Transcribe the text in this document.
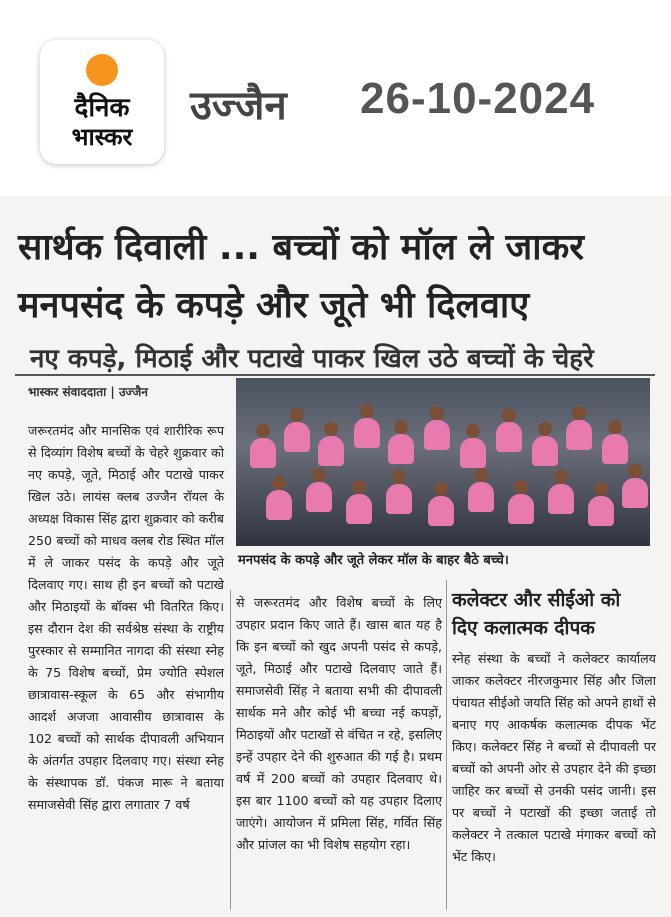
दैनिक
भास्कर
उज्जैन 26-10-2024
सार्थक दिवाली ... बच्चों को मॉल ले जाकर
मनपसंद के कपड़े और जूते भी दिलवाए
नए कपड़े, मिठाई और पटाखे पाकर खिल उठे बच्चों के चेहरे
भास्कर संवाददाता | उज्जैन
मनपसंद के कपड़े और जूते लेकर मॉल के बाहर बैठे बच्चे।
जरूरतमंद और मानसिक एवं शारीरिक रूप से दिव्यांग विशेष बच्चों के चेहरे शुक्रवार को नए कपड़े, जूते, मिठाई और पटाखे पाकर खिल उठे। लायंस क्लब उज्जैन रॉयल के अध्यक्ष विकास सिंह द्वारा शुक्रवार को करीब 250 बच्चों को माधव क्लब रोड स्थित मॉल में ले जाकर पसंद के कपड़े और जूते दिलवाए गए। साथ ही इन बच्चों को पटाखे और मिठाइयों के बॉक्स भी वितरित किए। इस दौरान देश की सर्वश्रेष्ठ संस्था के राष्ट्रीय पुरस्कार से सम्मानित नागदा की संस्था स्नेह के 75 विशेष बच्चों, प्रेम ज्योति स्पेशल छात्रावास-स्कूल के 65 और संभागीय आदर्श अजजा आवासीय छात्रावास के 102 बच्चों को सार्थक दीपावली अभियान के अंतर्गत उपहार दिलवाए गए। संस्था स्नेह के संस्थापक डॉ. पंकज मारू ने बताया समाजसेवी सिंह द्वारा लगातार 7 वर्ष
से जरूरतमंद और विशेष बच्चों के लिए उपहार प्रदान किए जाते हैं। खास बात यह है कि इन बच्चों को खुद अपनी पसंद से कपड़े, जूते, मिठाई और पटाखे दिलवाए जाते हैं। समाजसेवी सिंह ने बताया सभी की दीपावली सार्थक मने और कोई भी बच्चा नई कपड़ों, मिठाइयों और पटाखों से वंचित न रहे, इसलिए इन्हें उपहार देने की शुरुआत की गई है। प्रथम वर्ष में 200 बच्चों को उपहार दिलवाए थे। इस बार 1100 बच्चों को यह उपहार दिलाए जाएंगे। आयोजन में प्रमिला सिंह, गर्वित सिंह और प्रांजल का भी विशेष सहयोग रहा।
कलेक्टर और सीईओ को दिए कलात्मक दीपक
स्नेह संस्था के बच्चों ने कलेक्टर कार्यालय जाकर कलेक्टर नीरजकुमार सिंह और जिला पंचायत सीईओ जयति सिंह को अपने हाथों से बनाए गए आकर्षक कलात्मक दीपक भेंट किए। कलेक्टर सिंह ने बच्चों से दीपावली पर बच्चों को अपनी ओर से उपहार देने की इच्छा जाहिर कर बच्चों से उनकी पसंद जानी। इस पर बच्चों ने पटाखों की इच्छा जताई तो कलेक्टर ने तत्काल पटाखे मंगाकर बच्चों को भेंट किए।
